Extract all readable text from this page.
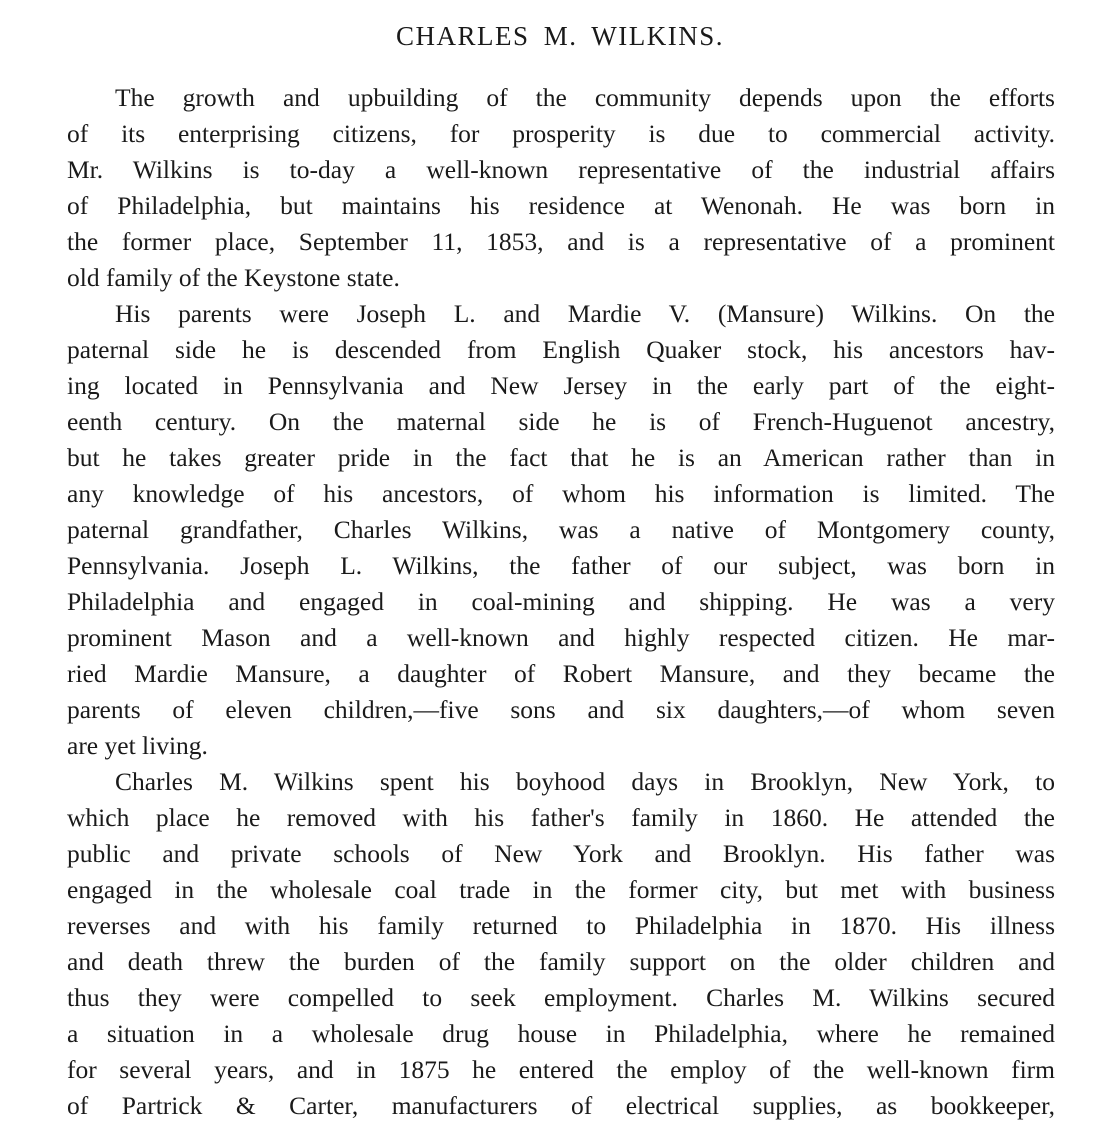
CHARLES M. WILKINS.
The growth and upbuilding of the community depends upon the efforts
of its enterprising citizens, for prosperity is due to commercial activity.
Mr. Wilkins is to-day a well-known representative of the industrial affairs
of Philadelphia, but maintains his residence at Wenonah. He was born in
the former place, September 11, 1853, and is a representative of a prominent
old family of the Keystone state.
His parents were Joseph L. and Mardie V. (Mansure) Wilkins. On the
paternal side he is descended from English Quaker stock, his ancestors hav-
ing located in Pennsylvania and New Jersey in the early part of the eight-
eenth century. On the maternal side he is of French-Huguenot ancestry,
but he takes greater pride in the fact that he is an American rather than in
any knowledge of his ancestors, of whom his information is limited. The
paternal grandfather, Charles Wilkins, was a native of Montgomery county,
Pennsylvania. Joseph L. Wilkins, the father of our subject, was born in
Philadelphia and engaged in coal-mining and shipping. He was a very
prominent Mason and a well-known and highly respected citizen. He mar-
ried Mardie Mansure, a daughter of Robert Mansure, and they became the
parents of eleven children,—five sons and six daughters,—of whom seven
are yet living.
Charles M. Wilkins spent his boyhood days in Brooklyn, New York, to
which place he removed with his father's family in 1860. He attended the
public and private schools of New York and Brooklyn. His father was
engaged in the wholesale coal trade in the former city, but met with business
reverses and with his family returned to Philadelphia in 1870. His illness
and death threw the burden of the family support on the older children and
thus they were compelled to seek employment. Charles M. Wilkins secured
a situation in a wholesale drug house in Philadelphia, where he remained
for several years, and in 1875 he entered the employ of the well-known firm
of Partrick & Carter, manufacturers of electrical supplies, as bookkeeper,
